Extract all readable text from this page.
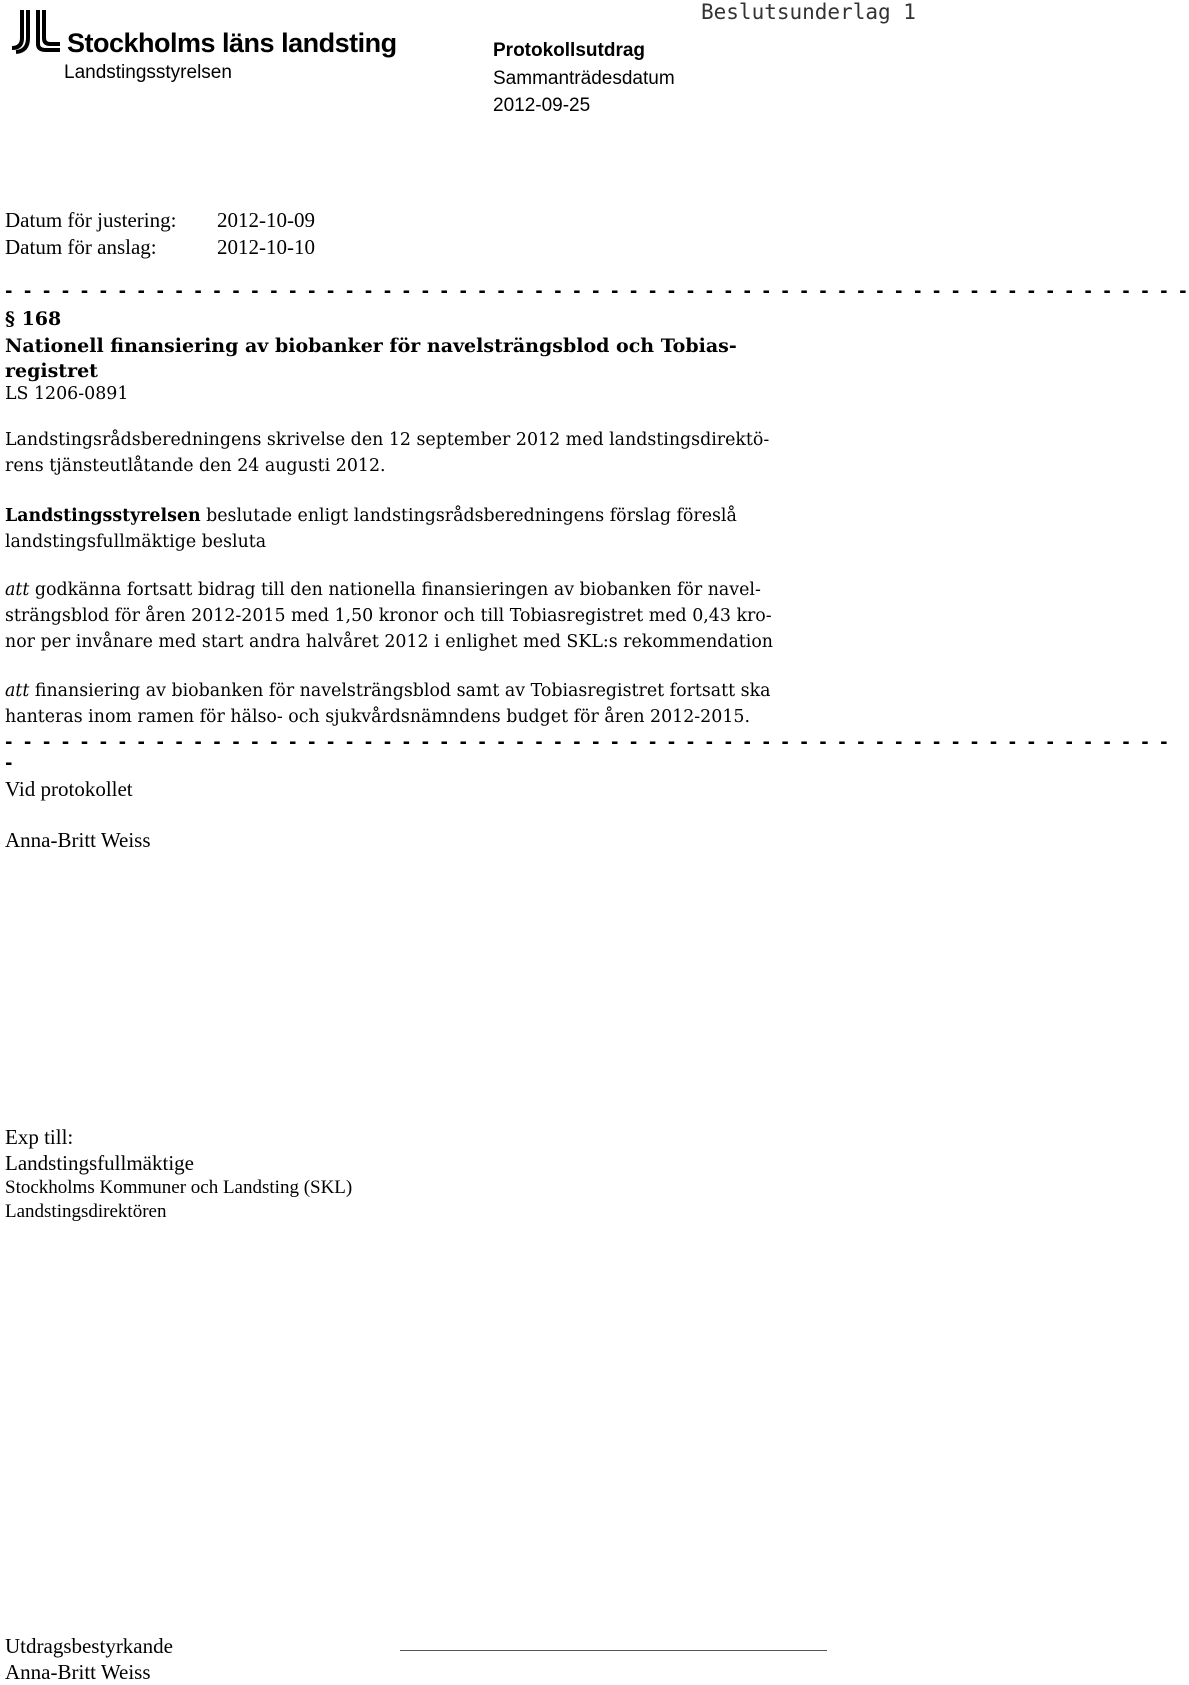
Stockholms läns landsting
Landstingsstyrelsen
Protokollsutdrag
Sammanträdesdatum
2012-09-25
Beslutsunderlag 1
Datum för justering: 2012-10-09
Datum för anslag:	2012-10-10
- - - - - - - - - - - - - - - - - - - - - - - - - - - - - - - - - - - - - - - - - - - - - - - - - - - - - - - - - - - - - - -
§ 168
Nationell finansiering av biobanker för navelsträngsblod och Tobias-
registret
LS 1206-0891
Landstingsrådsberedningens skrivelse den 12 september 2012 med landstingsdirektö-
rens tjänsteutlåtande den 24 augusti 2012.
Landstingsstyrelsen beslutade enligt landstingsrådsberedningens förslag föreslå
landstingsfullmäktige besluta
att godkänna fortsatt bidrag till den nationella finansieringen av biobanken för navel-
strängsblod för åren 2012-2015 med 1,50 kronor och till Tobiasregistret med 0,43 kro-
nor per invånare med start andra halvåret 2012 i enlighet med SKL:s rekommendation
att finansiering av biobanken för navelsträngsblod samt av Tobiasregistret fortsatt ska
hanteras inom ramen för hälso- och sjukvårdsnämndens budget för åren 2012-2015.
- - - - - - - - - - - - - - - - - - - - - - - - - - - - - - - - - - - - - - - - - - - - - - - - - - - - - - - - - - - - - -
-
Vid protokollet
Anna-Britt Weiss
Exp till:
Landstingsfullmäktige
Stockholms Kommuner och Landsting (SKL)
Landstingsdirektören
Utdragsbestyrkande
Anna-Britt Weiss
